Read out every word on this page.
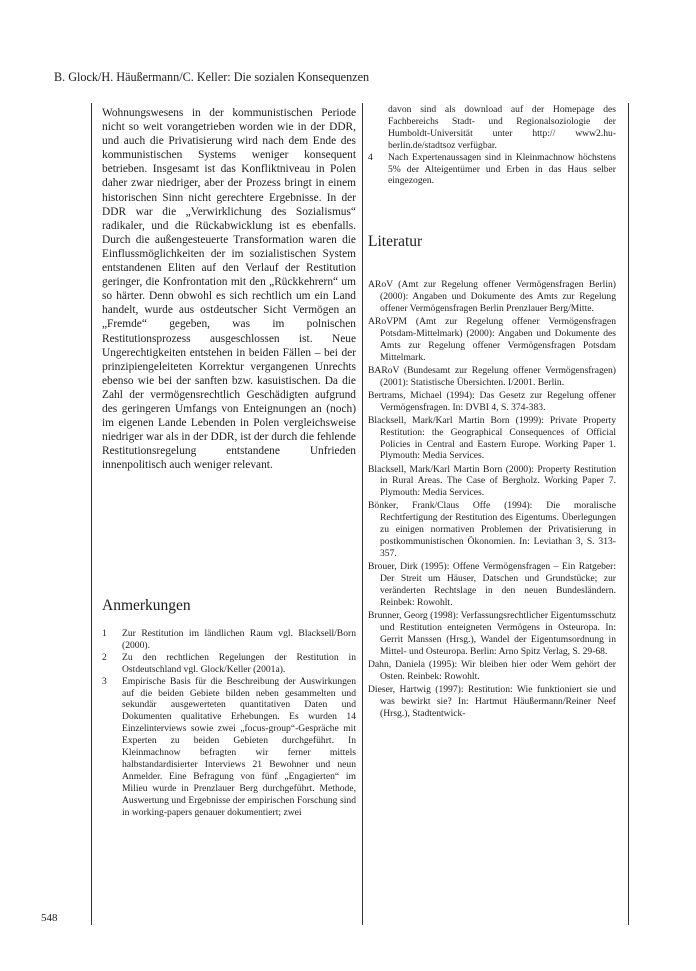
B. Glock/H. Häußermann/C. Keller: Die sozialen Konsequenzen

Wohnungswesens in der kommunistischen Periode nicht so weit vorangetrieben worden wie in der DDR, und auch die Privatisierung wird nach dem Ende des kommunistischen Systems weniger konsequent betrieben. Insgesamt ist das Konfliktniveau in Polen daher zwar niedriger, aber der Prozess bringt in einem historischen Sinn nicht gerechtere Ergebnisse. In der DDR war die „Verwirklichung des Sozialismus“ radikaler, und die Rückabwicklung ist es ebenfalls. Durch die außengesteuerte Transformation waren die Einflussmöglichkeiten der im sozialistischen System entstandenen Eliten auf den Verlauf der Restitution geringer, die Konfrontation mit den „Rückkehrern“ um so härter. Denn obwohl es sich rechtlich um ein Land handelt, wurde aus ostdeutscher Sicht Vermögen an „Fremde“ gegeben, was im polnischen Restitutionsprozess ausgeschlossen ist. Neue Ungerechtigkeiten entstehen in beiden Fällen – bei der prinzipiengeleiteten Korrektur vergangenen Unrechts ebenso wie bei der sanften bzw. kasuistischen. Da die Zahl der vermögensrechtlich Geschädigten aufgrund des geringeren Umfangs von Enteignungen an (noch) im eigenen Lande Lebenden in Polen vergleichsweise niedriger war als in der DDR, ist der durch die fehlende Restitutionsregelung entstandene Unfrieden innenpolitisch auch weniger relevant.

Anmerkungen
1	Zur Restitution im ländlichen Raum vgl. Blacksell/Born (2000).
2	Zu den rechtlichen Regelungen der Restitution in Ostdeutschland vgl. Glock/Keller (2001a).
3	Empirische Basis für die Beschreibung der Auswirkungen auf die beiden Gebiete bilden neben gesammelten und sekundär ausgewerteten quantitativen Daten und Dokumenten qualitative Erhebungen. Es wurden 14 Einzelinterviews sowie zwei „focus-group“-Gespräche mit Experten zu beiden Gebieten durchgeführt. In Kleinmachnow befragten wir ferner mittels halbstandardisierter Interviews 21 Bewohner und neun Anmelder. Eine Befragung von fünf „Engagierten“ im Milieu wurde in Prenzlauer Berg durchgeführt. Methode, Auswertung und Ergebnisse der empirischen Forschung sind in working-papers genauer dokumentiert; zwei
548

davon sind als download auf der Homepage des Fachbereichs Stadt- und Regionalsoziologie der Humboldt-Universität unter http:// www2.hu-berlin.de/stadtsoz verfügbar.

4 Nach Expertenaussagen sind in Kleinmachnow höchstens 5% der Alteigentümer und Erben in das Haus selber eingezogen.

Literatur
ARoV (Amt zur Regelung offener Vermögensfragen Berlin) (2000): Angaben und Dokumente des Amts zur Regelung offener Vermögensfragen Berlin Prenzlauer Berg/Mitte.
ARoVPM (Amt zur Regelung offener Vermögensfragen Potsdam-Mittelmark) (2000): Angaben und Dokumente des Amts zur Regelung offener Vermögensfragen Potsdam Mittelmark.
BARoV (Bundesamt zur Regelung offener Vermögensfragen) (2001): Statistische Übersichten. I/2001. Berlin.
Bertrams, Michael (1994): Das Gesetz zur Regelung offener Vermögensfragen. In: DVBI 4, S. 374-383.
Blacksell, Mark/Karl Martin Born (1999): Private Property Restitution: the Geographical Consequences of Official Policies in Central and Eastern Europe. Working Paper 1. Plymouth: Media Services.
Blacksell, Mark/Karl Martin Born (2000): Property Restitution in Rural Areas. The Case of Bergholz. Working Paper 7. Plymouth: Media Services.
Bönker, Frank/Claus Offe (1994): Die moralische Rechtfertigung der Restitution des Eigentums. Überlegungen zu einigen normativen Problemen der Privatisierung in postkommunistischen Ökonomien. In: Leviathan 3, S. 313-357.
Brouer, Dirk (1995): Offene Vermögensfragen – Ein Ratgeber: Der Streit um Häuser, Datschen und Grundstücke; zur veränderten Rechtslage in den neuen Bundesländern. Reinbek: Rowohlt.
Brunner, Georg (1998): Verfassungsrechtlicher Eigentumsschutz und Restitution enteigneten Vermögens in Osteuropa. In: Gerrit Manssen (Hrsg.), Wandel der Eigentumsordnung in Mittel- und Osteuropa. Berlin: Arno Spitz Verlag, S. 29-68.
Dahn, Daniela (1995): Wir bleiben hier oder Wem gehört der Osten. Reinbek: Rowohlt.
Dieser, Hartwig (1997): Restitution: Wie funktioniert sie und was bewirkt sie? In: Hartmut Häußermann/Reiner Neef (Hrsg.), Stadtentwick-
